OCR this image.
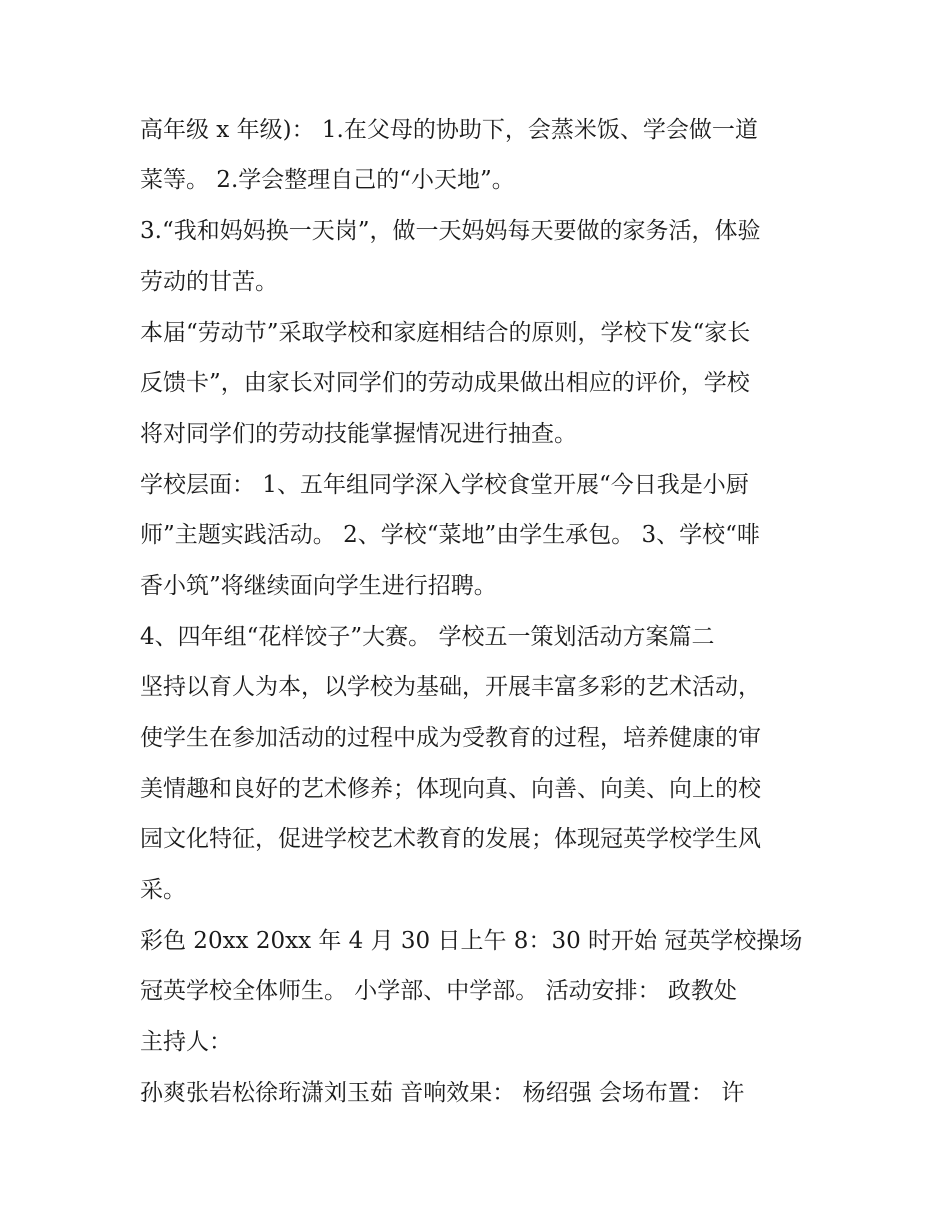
高年级 x 年级)： 1.在父母的协助下，会蒸米饭、学会做一道
菜等。 2.学会整理自己的“小天地”。
3.“我和妈妈换一天岗”，做一天妈妈每天要做的家务活，体验
劳动的甘苦。
本届“劳动节”采取学校和家庭相结合的原则，学校下发“家长
反馈卡”，由家长对同学们的劳动成果做出相应的评价，学校
将对同学们的劳动技能掌握情况进行抽查。
学校层面： 1、五年组同学深入学校食堂开展“今日我是小厨
师”主题实践活动。 2、学校“菜地”由学生承包。 3、学校“啡
香小筑”将继续面向学生进行招聘。
4、四年组“花样饺子”大赛。 学校五一策划活动方案篇二
坚持以育人为本，以学校为基础，开展丰富多彩的艺术活动，
使学生在参加活动的过程中成为受教育的过程，培养健康的审
美情趣和良好的艺术修养；体现向真、向善、向美、向上的校
园文化特征，促进学校艺术教育的发展；体现冠英学校学生风
采。
彩色 20xx 20xx 年 4 月 30 日上午 8：30 时开始 冠英学校操场
冠英学校全体师生。 小学部、中学部。 活动安排： 政教处
主持人：
孙爽张岩松徐珩潇刘玉茹 音响效果： 杨绍强 会场布置： 许
